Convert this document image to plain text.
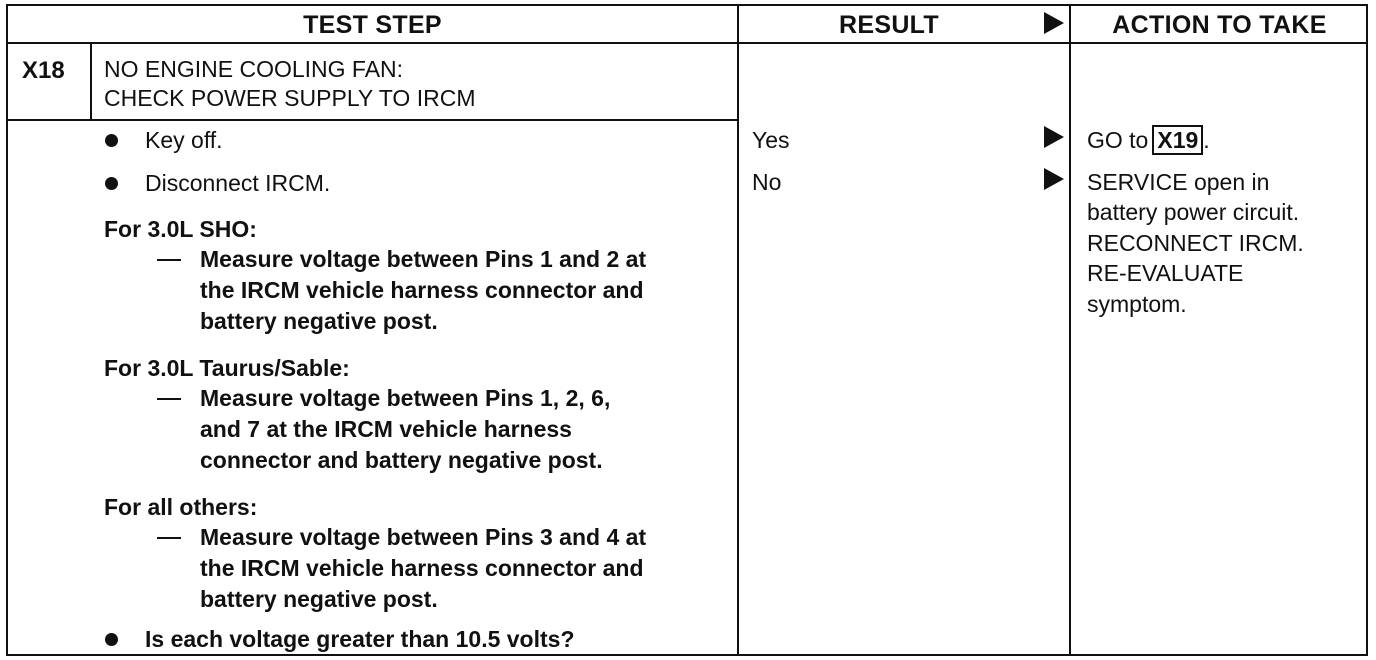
TEST STEP	RESULT	ACTION TO TAKE
X18 NO ENGINE COOLING FAN:
CHECK POWER SUPPLY TO IRCM
Key off.
Disconnect IRCM.
For 3.0L SHO:
Measure voltage between Pins 1 and 2 at
the IRCM vehicle harness connector and
battery negative post.
For 3.0L Taurus/Sable:
Measure voltage between Pins 1, 2, 6,
and 7 at the IRCM vehicle harness
connector and battery negative post.
For all others:
Measure voltage between Pins 3 and 4 at
the IRCM vehicle harness connector and
battery negative post.
Is each voltage greater than 10.5 volts?
Yes
No
GO to X19 .
SERVICE open in
battery power circuit.
RECONNECT IRCM.
RE-EVALUATE
symptom.
